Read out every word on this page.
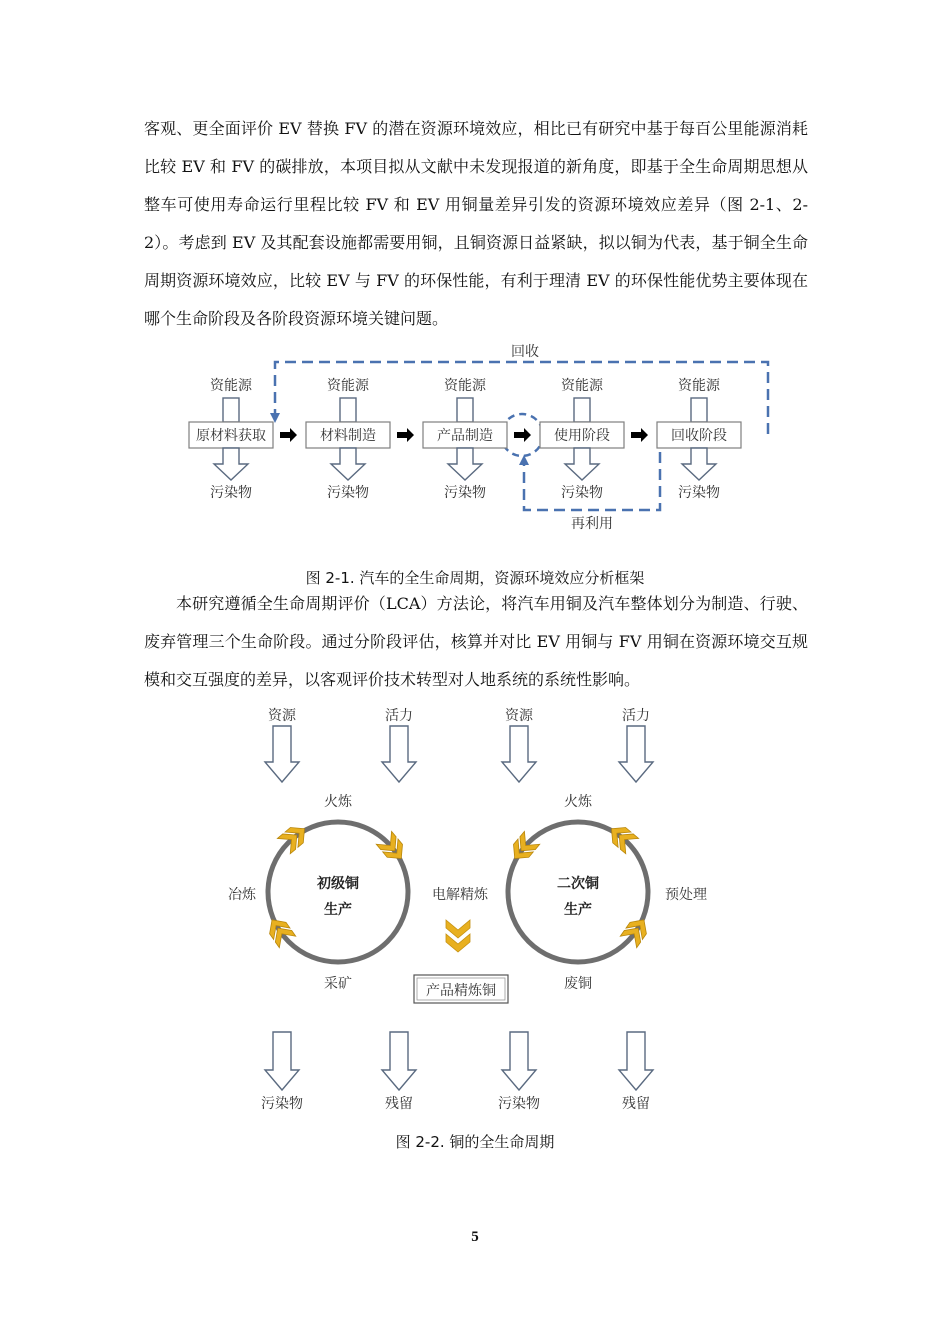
客观、更全面评价 EV 替换 FV 的潜在资源环境效应，相比已有研究中基于每百公里能源消耗比较 EV 和 FV 的碳排放，本项目拟从文献中未发现报道的新角度，即基于全生命周期思想从整车可使用寿命运行里程比较 FV 和 EV 用铜量差异引发的资源环境效应差异（图 2-1、2-2）。考虑到 EV 及其配套设施都需要用铜，且铜资源日益紧缺，拟以铜为代表，基于铜全生命周期资源环境效应，比较 EV 与 FV 的环保性能，有利于理清 EV 的环保性能优势主要体现在哪个生命阶段及各阶段资源环境关键问题。

回收
再利用
资能源
原材料获取
污染物
资能源
材料制造
污染物
资能源
产品制造
污染物
资能源
使用阶段
污染物
资能源
回收阶段
污染物

图 2-1. 汽车的全生命周期，资源环境效应分析框架

本研究遵循全生命周期评价（LCA）方法论，将汽车用铜及汽车整体划分为制造、行驶、废弃管理三个生命阶段。通过分阶段评估，核算并对比 EV 用铜与 FV 用铜在资源环境交互规模和交互强度的差异，以客观评价技术转型对人地系统的系统性影响。

资源
污染物
活力
残留
资源
污染物
活力
残留
初级铜
生产
火炼
冶炼
采矿
二次铜
生产
火炼
预处理
废铜
电解精炼
产品精炼铜

图 2-2. 铜的全生命周期

5
